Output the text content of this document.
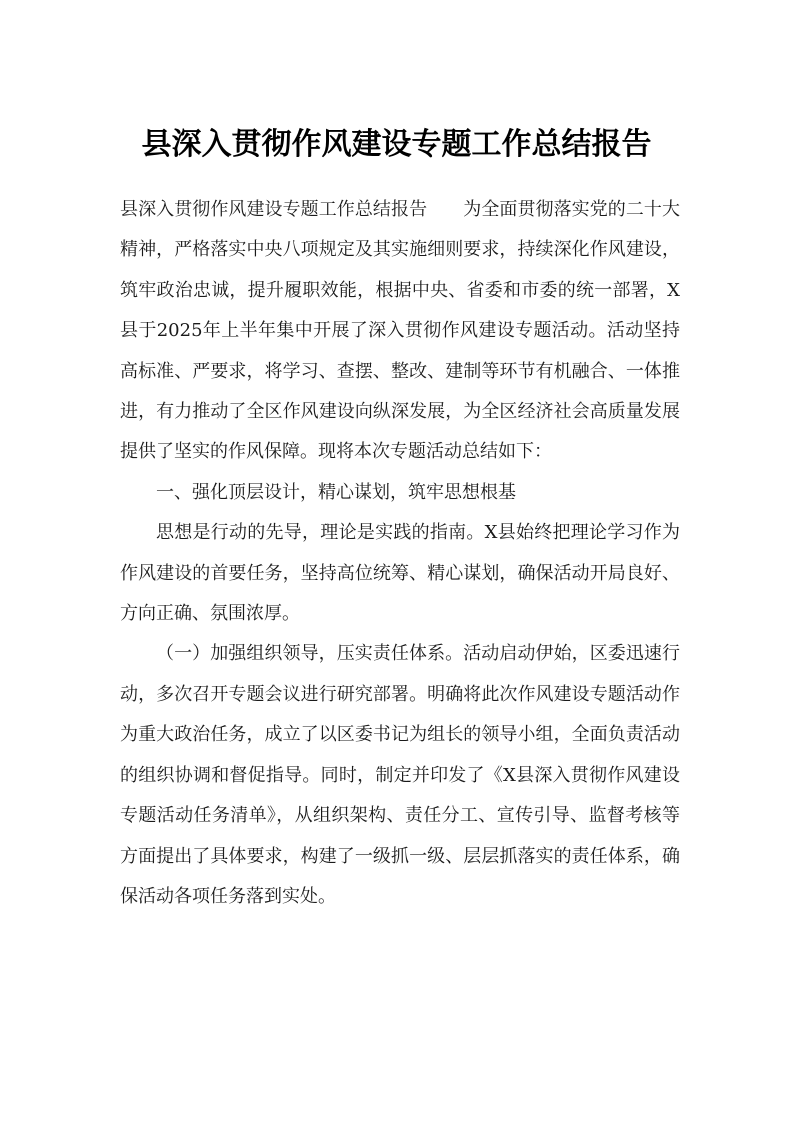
县深入贯彻作风建设专题工作总结报告

县深入贯彻作风建设专题工作总结报告　　为全面贯彻落实党的二十大精神，严格落实中央八项规定及其实施细则要求，持续深化作风建设，筑牢政治忠诚，提升履职效能，根据中央、省委和市委的统一部署，X县于2025年上半年集中开展了深入贯彻作风建设专题活动。活动坚持高标准、严要求，将学习、查摆、整改、建制等环节有机融合、一体推进，有力推动了全区作风建设向纵深发展，为全区经济社会高质量发展提供了坚实的作风保障。现将本次专题活动总结如下：

一、强化顶层设计，精心谋划，筑牢思想根基

思想是行动的先导，理论是实践的指南。X县始终把理论学习作为作风建设的首要任务，坚持高位统筹、精心谋划，确保活动开局良好、方向正确、氛围浓厚。

（一）加强组织领导，压实责任体系。活动启动伊始，区委迅速行动，多次召开专题会议进行研究部署。明确将此次作风建设专题活动作为重大政治任务，成立了以区委书记为组长的领导小组，全面负责活动的组织协调和督促指导。同时，制定并印发了《X县深入贯彻作风建设专题活动任务清单》，从组织架构、责任分工、宣传引导、监督考核等方面提出了具体要求，构建了一级抓一级、层层抓落实的责任体系，确保活动各项任务落到实处。
